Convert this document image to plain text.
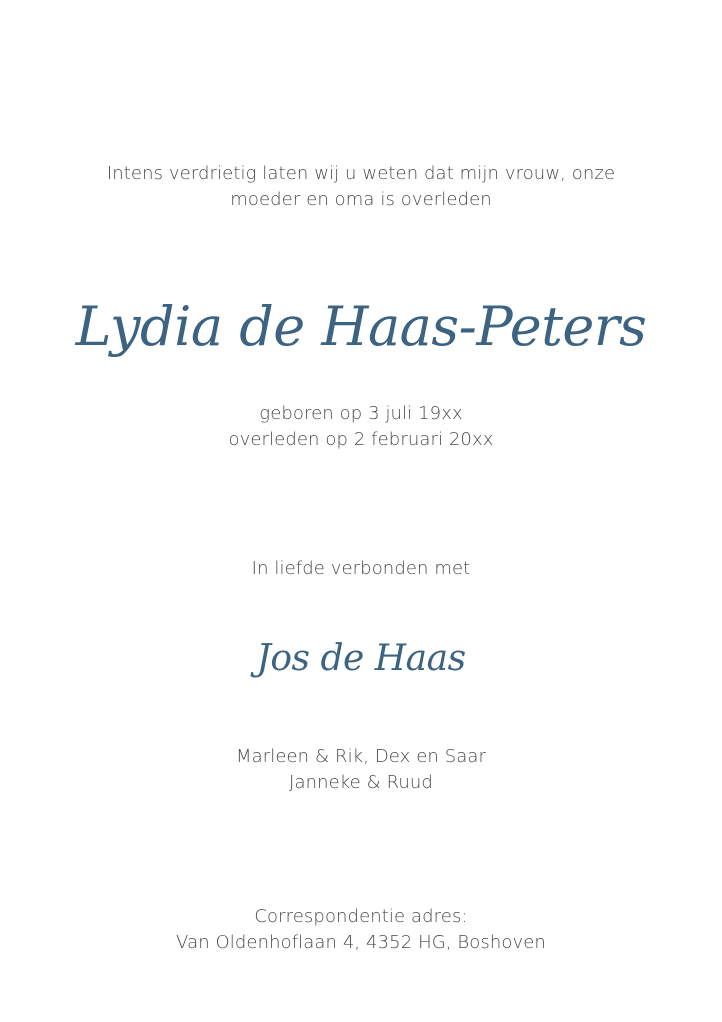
Intens verdrietig laten wij u weten dat mijn vrouw, onze
moeder en oma is overleden
Lydia de Haas-Peters
geboren op 3 juli 19xx
overleden op 2 februari 20xx
In liefde verbonden met
Jos de Haas
Marleen & Rik, Dex en Saar
Janneke & Ruud
Correspondentie adres:
Van Oldenhoflaan 4, 4352 HG, Boshoven
